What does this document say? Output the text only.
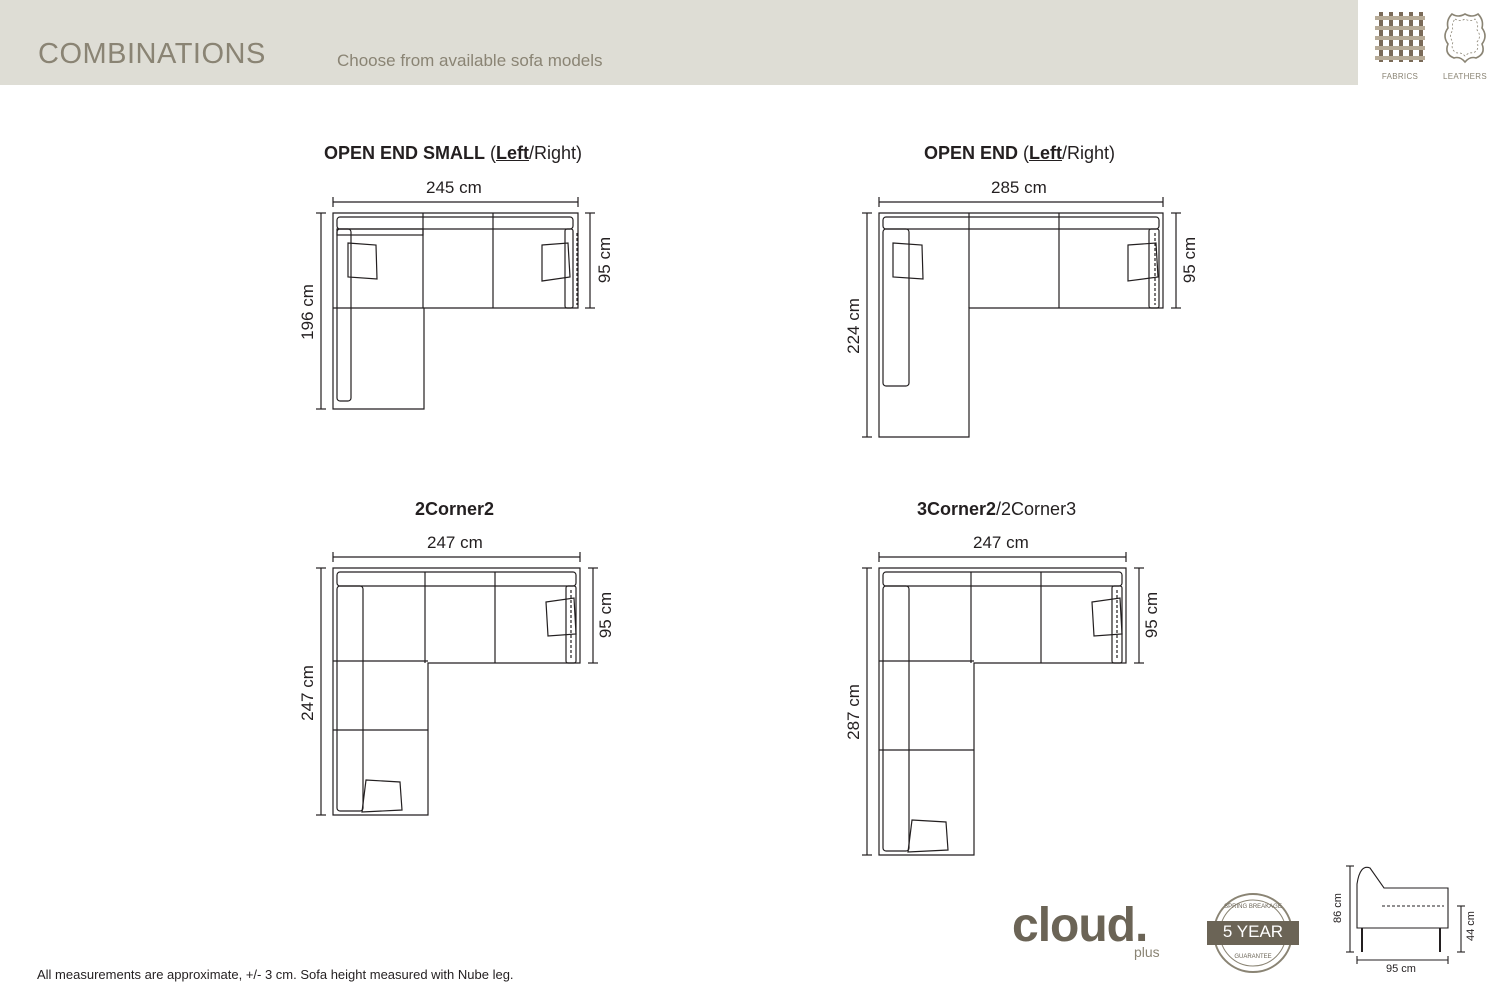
COMBINATIONS	Choose from available sofa models
FABRICS	LEATHERS
OPEN END SMALL (Left/Right)
245 cm
95 cm
196 cm
OPEN END (Left/Right)
285 cm
95 cm
224 cm
2Corner2
247 cm
95 cm
247 cm
3Corner2/2Corner3
247 cm
95 cm
287 cm
cloud.
plus
5 YEAR
SPRING BREAKAGE
GUARANTEE
86 cm
44 cm
95 cm
All measurements are approximate, +/- 3 cm. Sofa height measured with Nube leg.
